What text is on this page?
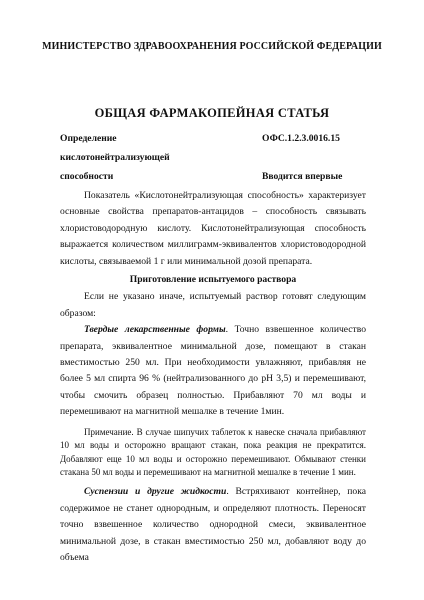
МИНИСТЕРСТВО ЗДРАВООХРАНЕНИЯ РОССИЙСКОЙ ФЕДЕРАЦИИ
ОБЩАЯ ФАРМАКОПЕЙНАЯ СТАТЬЯ
Определение
кислотонейтрализующей
способности
ОФС.1.2.3.0016.15
Вводится впервые

Показатель «Кислотонейтрализующая способность» характеризует основные свойства препаратов-антацидов – способность связывать хлористоводородную кислоту. Кислотонейтрализующая способность выражается количеством миллиграмм-эквивалентов хлористоводородной кислоты, связываемой 1 г или минимальной дозой препарата.

Приготовление испытуемого раствора

Если не указано иначе, испытуемый раствор готовят следующим образом:

Твердые лекарственные формы. Точно взвешенное количество препарата, эквивалентное минимальной дозе, помещают в стакан вместимостью 250 мл. При необходимости увлажняют, прибавляя не более 5 мл спирта 96 % (нейтрализованного до pH 3,5) и перемешивают, чтобы смочить образец полностью. Прибавляют 70 мл воды и перемешивают на магнитной мешалке в течение 1мин.

Примечание. В случае шипучих таблеток к навеске сначала прибавляют 10 мл воды и осторожно вращают стакан, пока реакция не прекратится. Добавляют еще 10 мл воды и осторожно перемешивают. Обмывают стенки стакана 50 мл воды и перемешивают на магнитной мешалке в течение 1 мин.

Суспензии и другие жидкости. Встряхивают контейнер, пока содержимое не станет однородным, и определяют плотность. Переносят точно взвешенное количество однородной смеси, эквивалентное минимальной дозе, в стакан вместимостью 250 мл, добавляют воду до объема
